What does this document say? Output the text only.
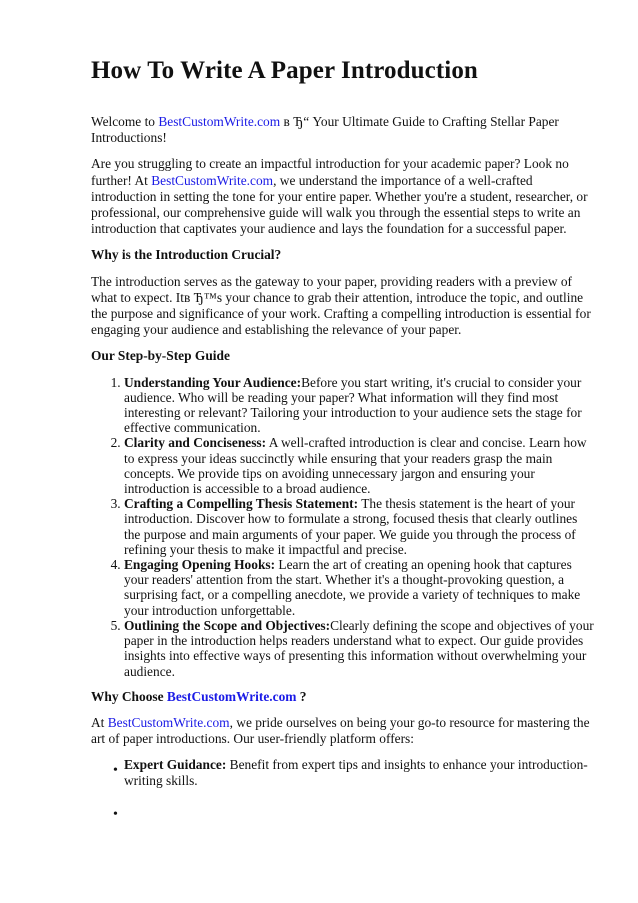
How To Write A Paper Introduction

Welcome to BestCustomWrite.com в Ђ“ Your Ultimate Guide to Crafting Stellar Paper Introductions!

Are you struggling to create an impactful introduction for your academic paper? Look no further! At BestCustomWrite.com, we understand the importance of a well-crafted introduction in setting the tone for your entire paper. Whether you're a student, researcher, or professional, our comprehensive guide will walk you through the essential steps to write an introduction that captivates your audience and lays the foundation for a successful paper.

Why is the Introduction Crucial?

The introduction serves as the gateway to your paper, providing readers with a preview of what to expect. Itв Ђ™s your chance to grab their attention, introduce the topic, and outline the purpose and significance of your work. Crafting a compelling introduction is essential for engaging your audience and establishing the relevance of your paper.

Our Step-by-Step Guide
1. Understanding Your Audience:Before you start writing, it's crucial to consider your audience. Who will be reading your paper? What information will they find most interesting or relevant? Tailoring your introduction to your audience sets the stage for effective communication.
2. Clarity and Conciseness: A well-crafted introduction is clear and concise. Learn how to express your ideas succinctly while ensuring that your readers grasp the main concepts. We provide tips on avoiding unnecessary jargon and ensuring your introduction is accessible to a broad audience.
3. Crafting a Compelling Thesis Statement: The thesis statement is the heart of your introduction. Discover how to formulate a strong, focused thesis that clearly outlines the purpose and main arguments of your paper. We guide you through the process of refining your thesis to make it impactful and precise.
4. Engaging Opening Hooks: Learn the art of creating an opening hook that captures your readers' attention from the start. Whether it's a thought-provoking question, a surprising fact, or a compelling anecdote, we provide a variety of techniques to make your introduction unforgettable.
5. Outlining the Scope and Objectives:Clearly defining the scope and objectives of your paper in the introduction helps readers understand what to expect. Our guide provides insights into effective ways of presenting this information without overwhelming your audience.
Why Choose BestCustomWrite.com ?

At BestCustomWrite.com, we pride ourselves on being your go-to resource for mastering the art of paper introductions. Our user-friendly platform offers:

• Expert Guidance: Benefit from expert tips and insights to enhance your introduction-writing skills.
•
